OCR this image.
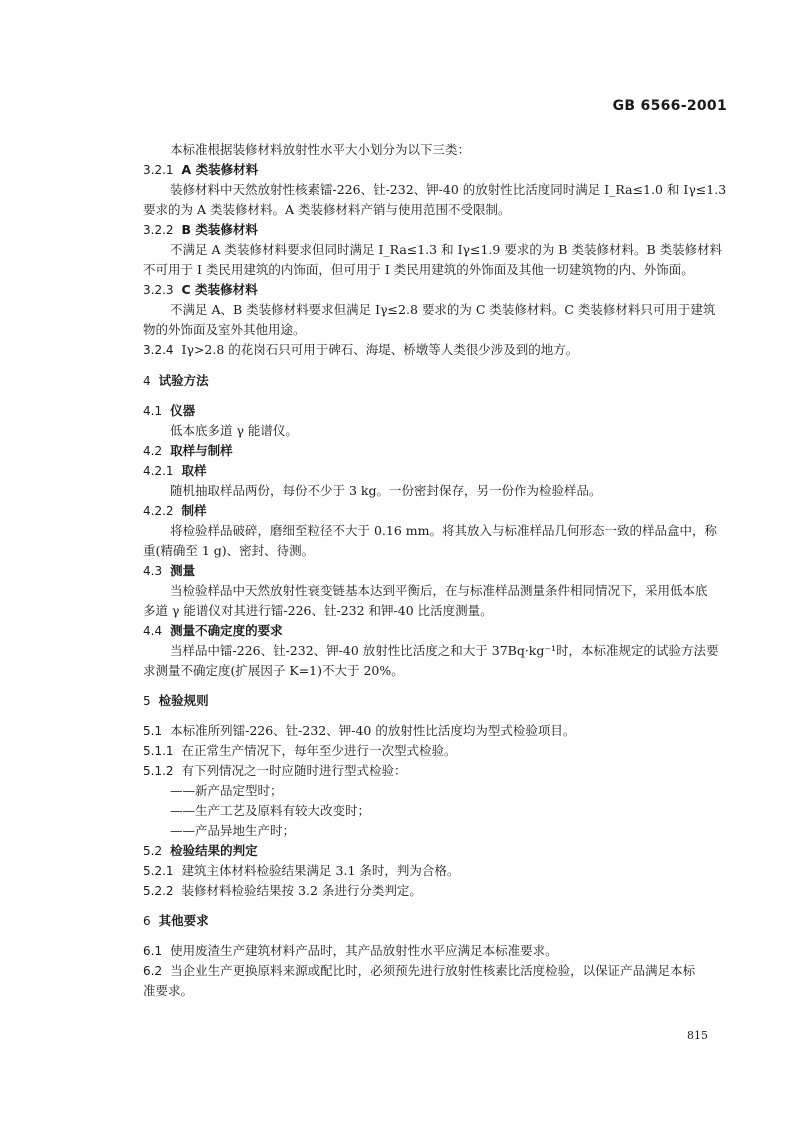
GB 6566-2001
本标准根据装修材料放射性水平大小划分为以下三类：
3.2.1 A 类装修材料
装修材料中天然放射性核素镭-226、钍-232、钾-40 的放射性比活度同时满足 I_Ra≤1.0 和 Iγ≤1.3
要求的为 A 类装修材料。A 类装修材料产销与使用范围不受限制。
3.2.2 B 类装修材料
不满足 A 类装修材料要求但同时满足 I_Ra≤1.3 和 Iγ≤1.9 要求的为 B 类装修材料。B 类装修材料
不可用于 I 类民用建筑的内饰面，但可用于 I 类民用建筑的外饰面及其他一切建筑物的内、外饰面。
3.2.3 C 类装修材料
不满足 A、B 类装修材料要求但满足 Iγ≤2.8 要求的为 C 类装修材料。C 类装修材料只可用于建筑
物的外饰面及室外其他用途。
3.2.4 Iγ>2.8 的花岗石只可用于碑石、海堤、桥墩等人类很少涉及到的地方。
4 试验方法
4.1 仪器
低本底多道 γ 能谱仪。
4.2 取样与制样
4.2.1 取样
随机抽取样品两份，每份不少于 3 kg。一份密封保存，另一份作为检验样品。
4.2.2 制样
将检验样品破碎，磨细至粒径不大于 0.16 mm。将其放入与标准样品几何形态一致的样品盒中，称
重(精确至 1 g)、密封、待测。
4.3 测量
当检验样品中天然放射性衰变链基本达到平衡后，在与标准样品测量条件相同情况下，采用低本底
多道 γ 能谱仪对其进行镭-226、钍-232 和钾-40 比活度测量。
4.4 测量不确定度的要求
当样品中镭-226、钍-232、钾-40 放射性比活度之和大于 37Bq·kg⁻¹时，本标准规定的试验方法要
求测量不确定度(扩展因子 K=1)不大于 20%。
5 检验规则
5.1 本标准所列镭-226、钍-232、钾-40 的放射性比活度均为型式检验项目。
5.1.1 在正常生产情况下，每年至少进行一次型式检验。
5.1.2 有下列情况之一时应随时进行型式检验：
——新产品定型时；
——生产工艺及原料有较大改变时；
——产品异地生产时；
5.2 检验结果的判定
5.2.1 建筑主体材料检验结果满足 3.1 条时，判为合格。
5.2.2 装修材料检验结果按 3.2 条进行分类判定。
6 其他要求
6.1 使用废渣生产建筑材料产品时，其产品放射性水平应满足本标准要求。
6.2 当企业生产更换原料来源或配比时，必须预先进行放射性核素比活度检验，以保证产品满足本标
准要求。
815
